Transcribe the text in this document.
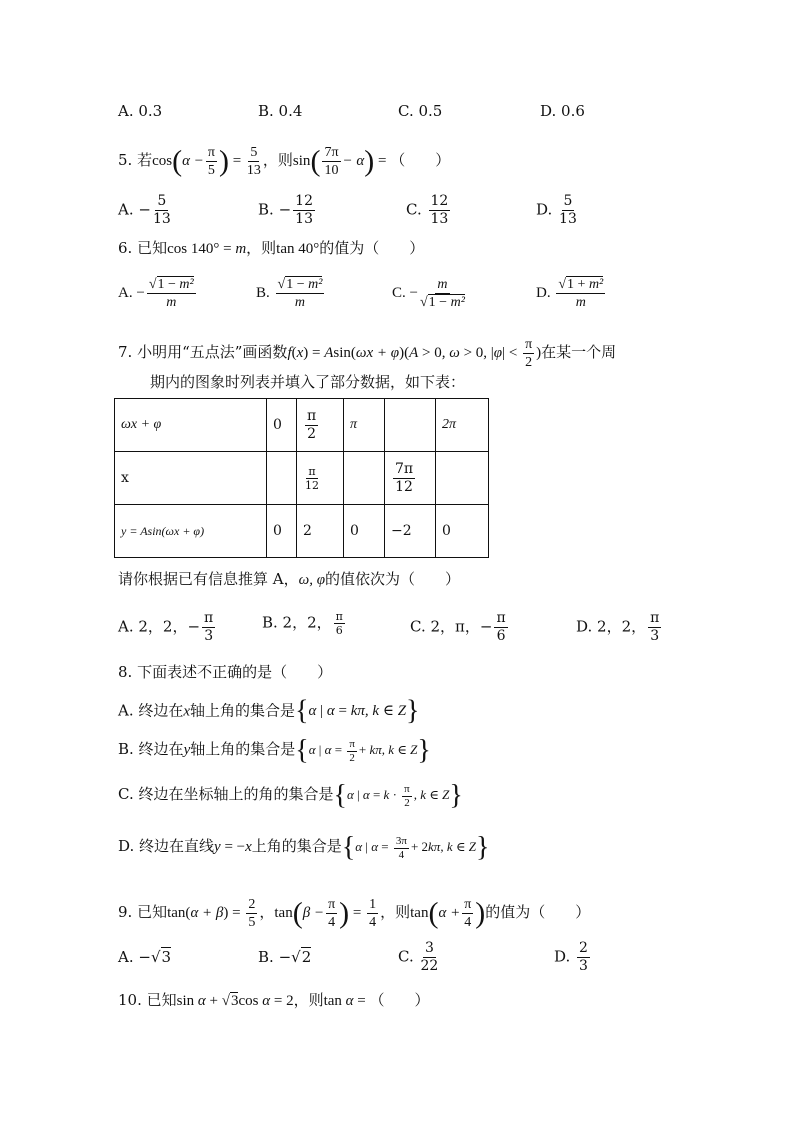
A. 0.3	B. 0.4	C. 0.5	D. 0.6
5. 若$\cos(\alpha - \frac{\pi}{5}$ ) = $\frac{5}{13}$ ，则$\sin( \frac{7\pi}{10} - \alpha)$ = （　　）
A. − $\frac{5}{13}$	B. − $\frac{12}{13}$	C. $\frac{12}{13}$	D. $\frac{5}{13}$
6. 已知cos 140° = m，则tan 40°的值为（　　）
A. − $\frac{\text{√1 − m²}}{m}$	B. $\frac{\text{√1 − m²}}{m}$	C. − $\frac{m}{\text{√1 − m²}}$	D. $\frac{\text{√1 + m²}}{m}$
7. 小明用“五点法”画函数f(x) = Asin(ωx + φ)(A > 0, ω > 0, $|\varphi| < \frac{\pi}{2}$ )在某一个周
期内的图象时列表并填入了部分数据，如下表：
ωx + φ	0	$\frac{\pi}{2}$	π		2π
x		$\frac{\pi}{12}$		$\frac{7\pi}{12}$

y = Asin(ωx + φ)	0	2	0	−2	0
请你根据已有信息推算 A，ω, φ的值依次为（　　）
A. 2，2，− $\frac{\pi}{3}$	B. 2，2， $\frac{\pi}{6}$	C. 2，π，− $\frac{\pi}{6}$	D. 2，2， $\frac{\pi}{3}$
8. 下面表述不正确的是（　　）
A. 终边在x轴上角的集合是{α | α = kπ, k ∈ Z}
B. 终边在y轴上角的集合是{α | $\alpha = \frac{\pi}{2} + k\pi$, k ∈ Z}
C. 终边在坐标轴上的角的集合是{α | $\alpha = k \cdot \frac{\pi}{2}$ , k ∈ Z}
D. 终边在直线y = −x上角的集合是{α | $\alpha = \frac{3\pi}{4} + 2k\pi$, k ∈ Z}
9. 已知$\tan(\alpha + \beta) = \frac{2}{5}$ ，$\tan(\beta - \frac{\pi}{4}$ ) = $\frac{1}{4}$ ，则$\tan(\alpha + \frac{\pi}{4}$ )的值为（　　）
A. −√3	B. −√2	C. $\frac{3}{22}$	D. $\frac{2}{3}$
10. 已知sin α + √3cos α = 2，则tan α = （　　）
